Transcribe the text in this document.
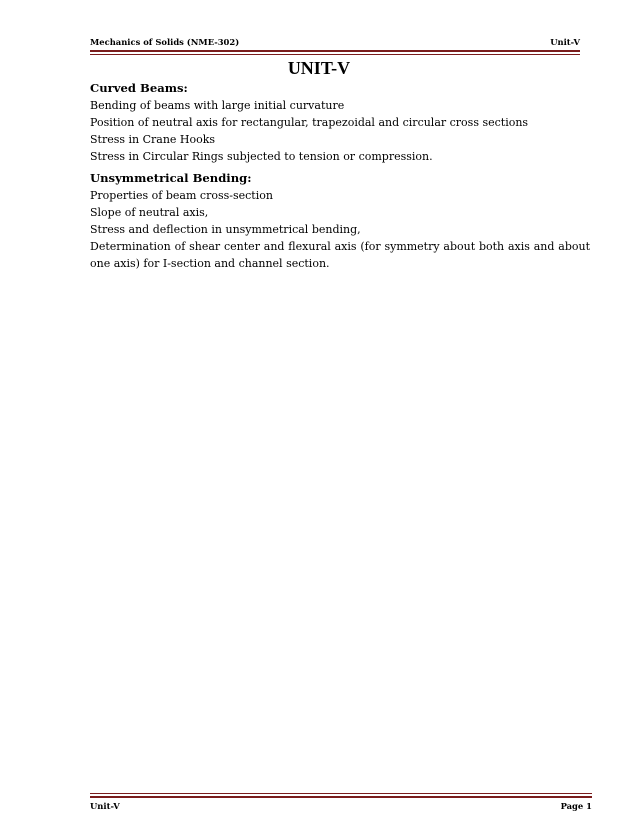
Mechanics of Solids (NME-302)	Unit-V
UNIT-V

Curved Beams:

Bending of beams with large initial curvature

Position of neutral axis for rectangular, trapezoidal and circular cross sections

Stress in Crane Hooks

Stress in Circular Rings subjected to tension or compression.

Unsymmetrical Bending:

Properties of beam cross-section

Slope of neutral axis,

Stress and deflection in unsymmetrical bending,

Determination of shear center and flexural axis (for symmetry about both axis and about one axis) for I-section and channel section.

Unit-V	Page 1
